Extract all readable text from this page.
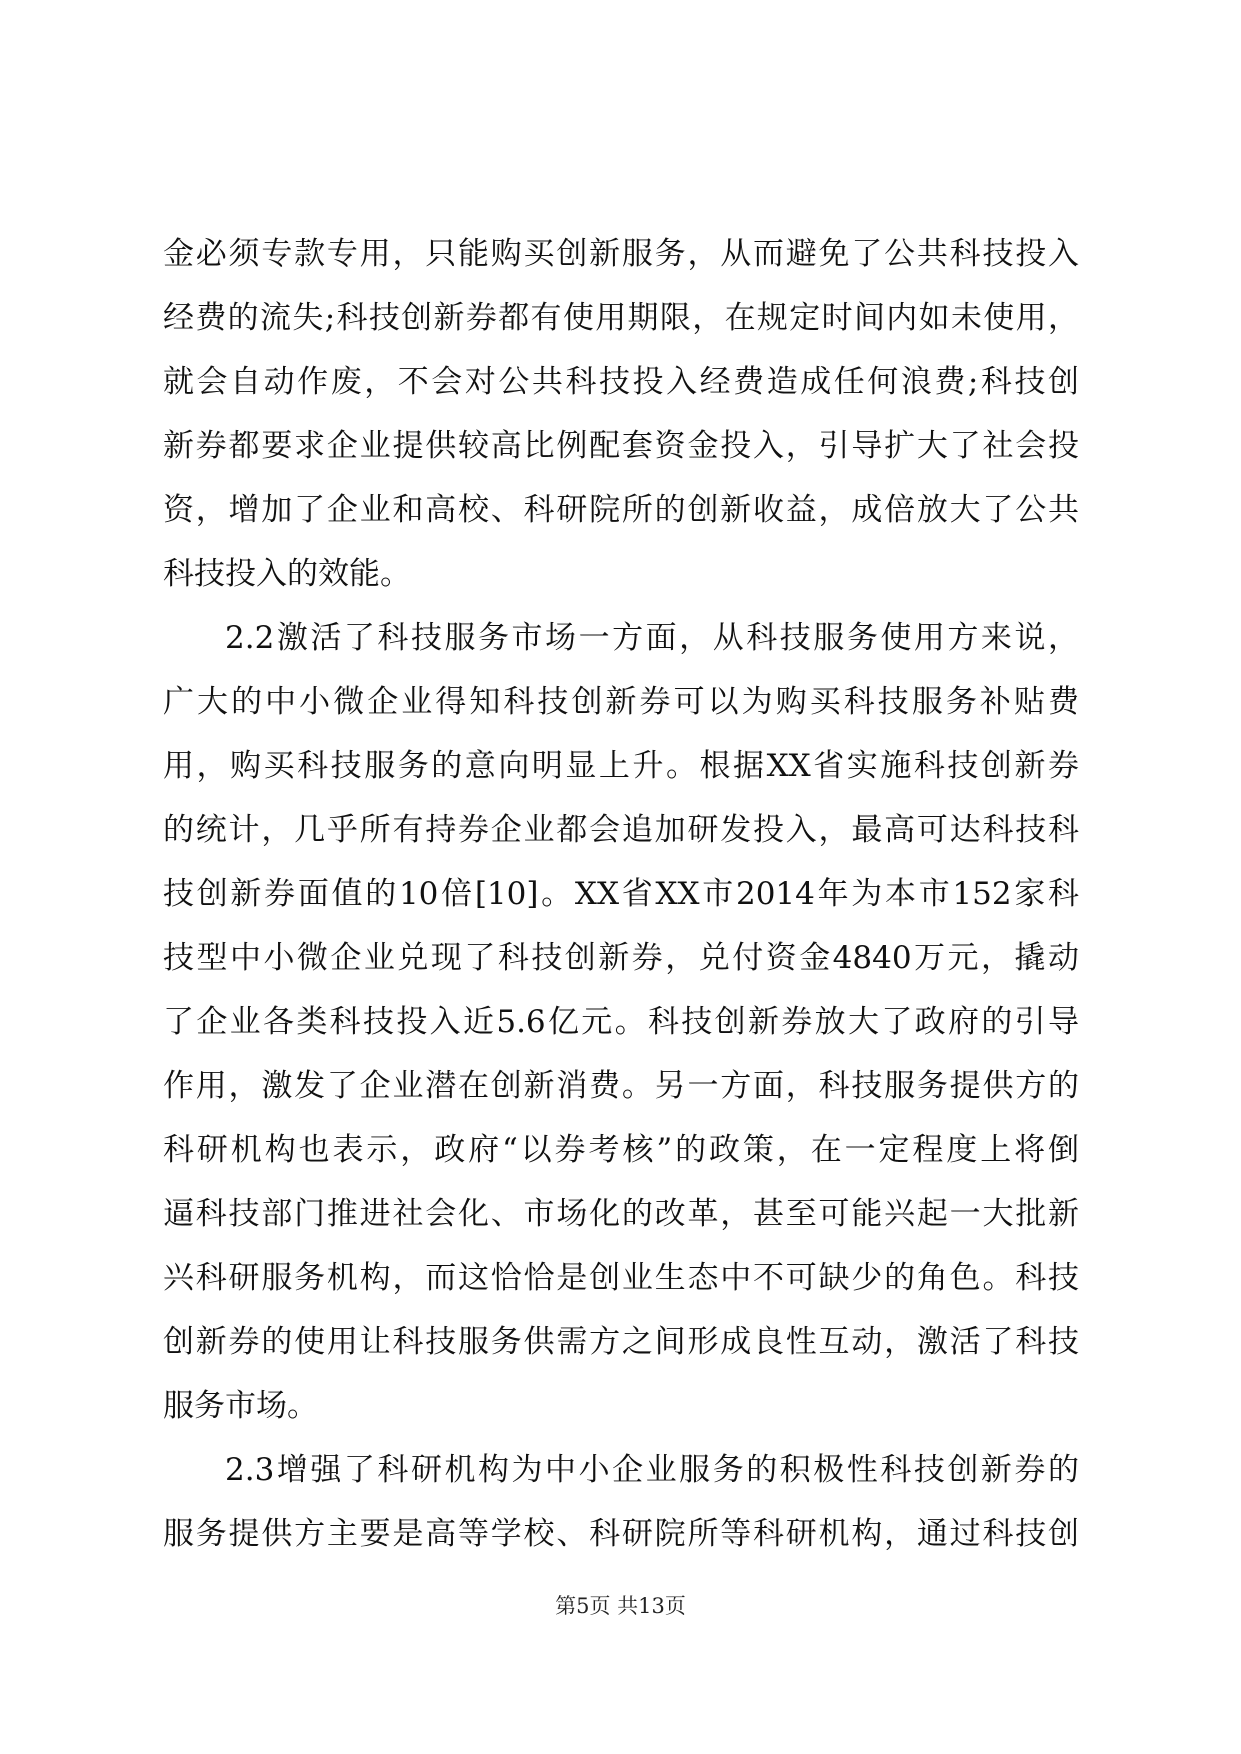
金必须专款专用，只能购买创新服务，从而避免了公共科技投入
经费的流失;科技创新券都有使用期限，在规定时间内如未使用，
就会自动作废，不会对公共科技投入经费造成任何浪费;科技创
新券都要求企业提供较高比例配套资金投入，引导扩大了社会投
资，增加了企业和高校、科研院所的创新收益，成倍放大了公共
科技投入的效能。
2.2激活了科技服务市场一方面，从科技服务使用方来说，
广大的中小微企业得知科技创新券可以为购买科技服务补贴费
用，购买科技服务的意向明显上升。根据XX省实施科技创新券
的统计，几乎所有持券企业都会追加研发投入，最高可达科技科
技创新券面值的10倍[10]。XX省XX市2014年为本市152家科
技型中小微企业兑现了科技创新券，兑付资金4840万元，撬动
了企业各类科技投入近5.6亿元。科技创新券放大了政府的引导
作用，激发了企业潜在创新消费。另一方面，科技服务提供方的
科研机构也表示，政府“以券考核”的政策，在一定程度上将倒
逼科技部门推进社会化、市场化的改革，甚至可能兴起一大批新
兴科研服务机构，而这恰恰是创业生态中不可缺少的角色。科技
创新券的使用让科技服务供需方之间形成良性互动，激活了科技
服务市场。
2.3增强了科研机构为中小企业服务的积极性科技创新券的
服务提供方主要是高等学校、科研院所等科研机构，通过科技创
第5页 共13页
